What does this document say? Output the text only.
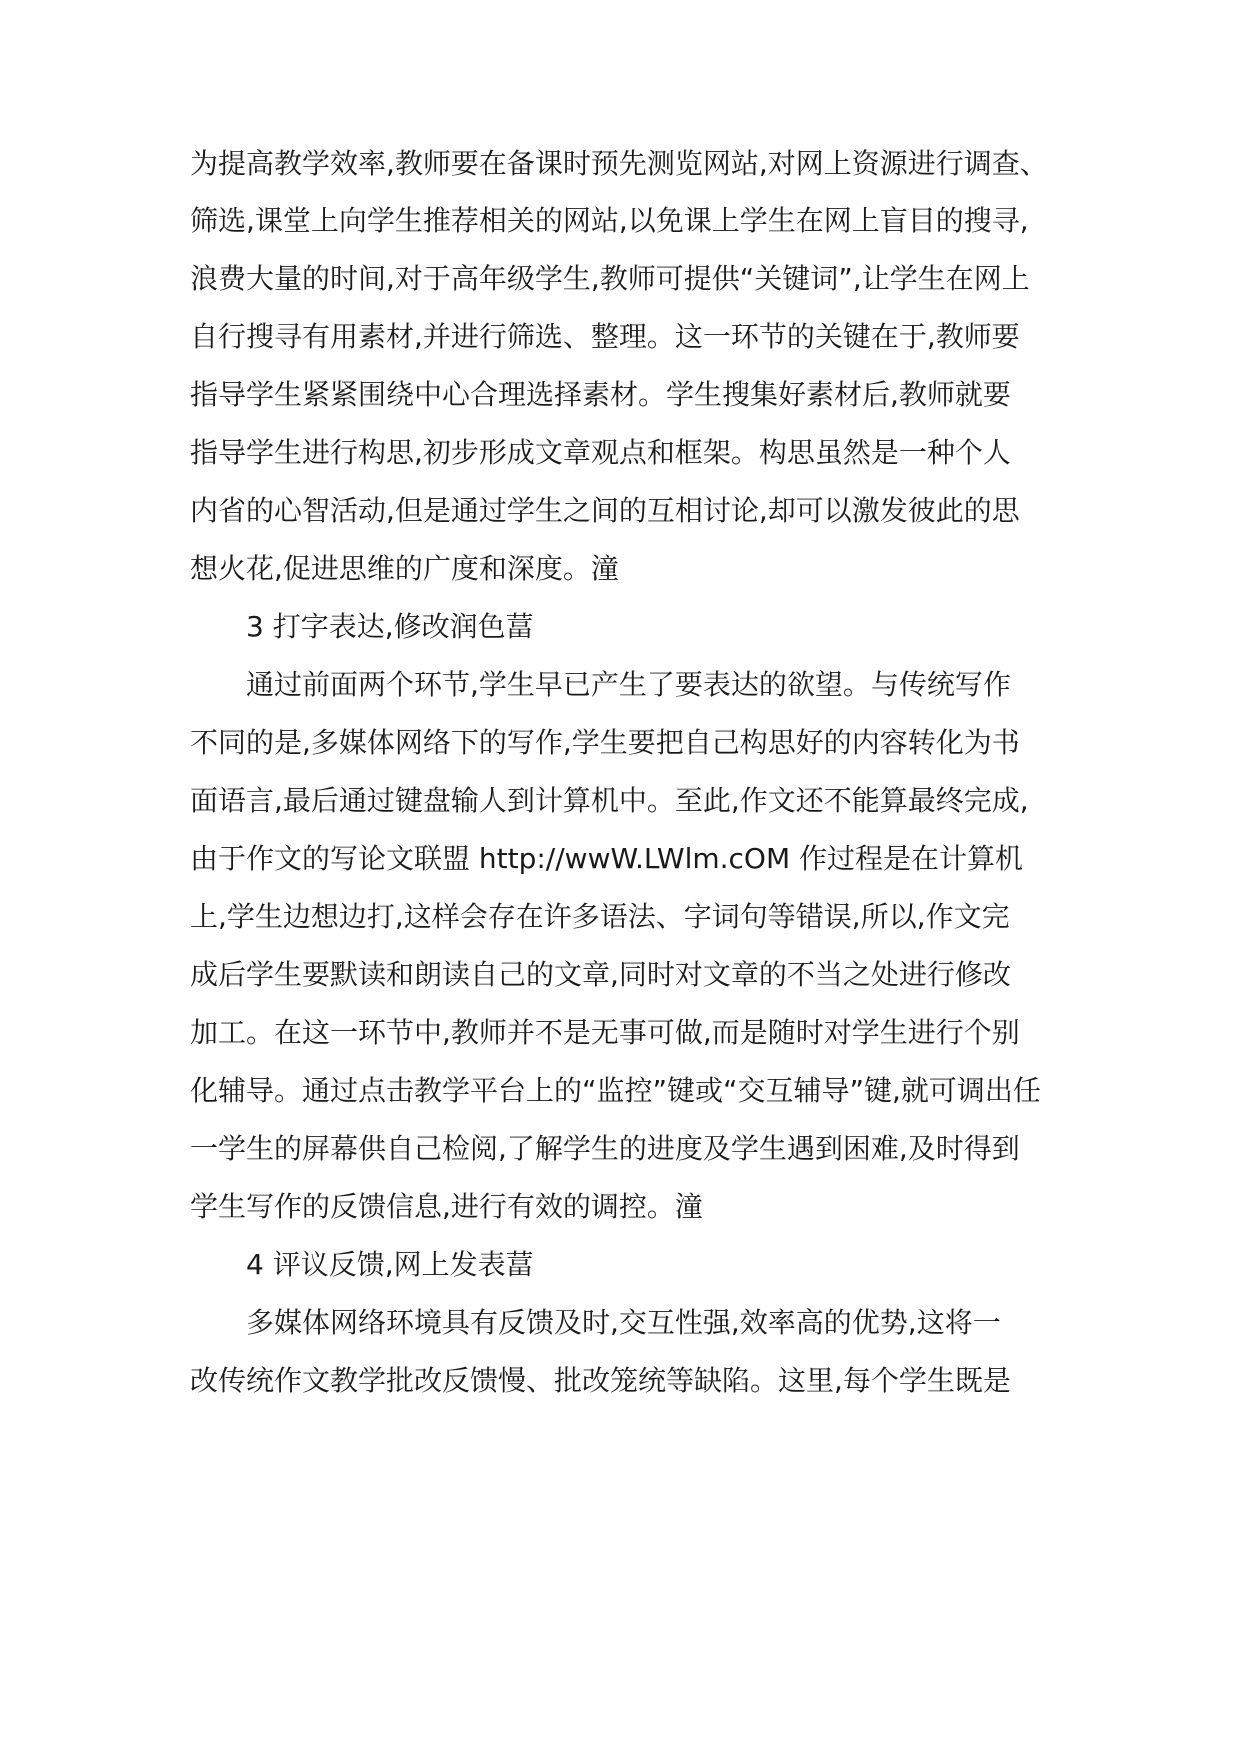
为提高教学效率,教师要在备课时预先测览网站,对网上资源进行调查、
筛选,课堂上向学生推荐相关的网站,以免课上学生在网上盲目的搜寻,
浪费大量的时间,对于高年级学生,教师可提供“关键词”,让学生在网上
自行搜寻有用素材,并进行筛选、整理。这一环节的关键在于,教师要
指导学生紧紧围绕中心合理选择素材。学生搜集好素材后,教师就要
指导学生进行构思,初步形成文章观点和框架。构思虽然是一种个人
内省的心智活动,但是通过学生之间的互相讨论,却可以激发彼此的思
想火花,促进思维的广度和深度。潼
3 打字表达,修改润色葍
通过前面两个环节,学生早已产生了要表达的欲望。与传统写作
不同的是,多媒体网络下的写作,学生要把自己构思好的内容转化为书
面语言,最后通过键盘输人到计算机中。至此,作文还不能算最终完成,
由于作文的写论文联盟 http://wwW.LWlm.cOM 作过程是在计算机
上,学生边想边打,这样会存在许多语法、字词句等错误,所以,作文完
成后学生要默读和朗读自己的文章,同时对文章的不当之处进行修改
加工。在这一环节中,教师并不是无事可做,而是随时对学生进行个别
化辅导。通过点击教学平台上的“监控”键或“交互辅导”键,就可调出任
一学生的屏幕供自己检阅,了解学生的进度及学生遇到困难,及时得到
学生写作的反馈信息,进行有效的调控。潼
4 评议反馈,网上发表葍
多媒体网络环境具有反馈及时,交互性强,效率高的优势,这将一
改传统作文教学批改反馈慢、批改笼统等缺陷。这里,每个学生既是
